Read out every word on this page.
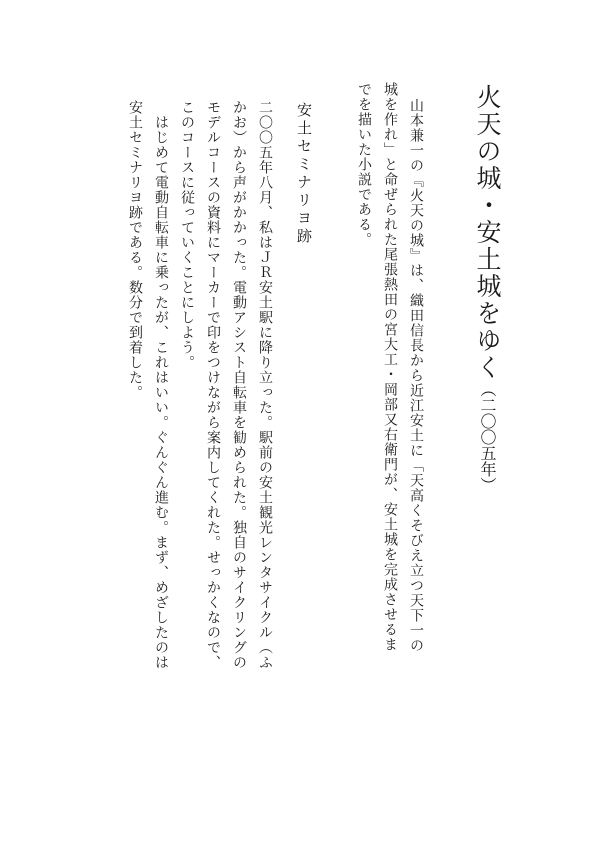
火天の城・安土城をゆく（二〇〇五年）
山本兼一の『火天の城』は、織田信長から近江安土に「天高くそびえ立つ天下一の
城を作れ」と命ぜられた尾張熱田の宮大工・岡部又右衛門が、安土城を完成させるま
でを描いた小説である。
安土セミナリヨ跡
二〇〇五年八月、私はＪＲ安土駅に降り立った。駅前の安土観光レンタサイクル（ふ
かお）から声がかかった。電動アシスト自転車を勧められた。独自のサイクリングの
モデルコースの資料にマーカーで印をつけながら案内してくれた。せっかくなので、
このコースに従っていくことにしよう。
　はじめて電動自転車に乗ったが、これはいい。ぐんぐん進む。まず、めざしたのは
安土セミナリヨ跡である。数分で到着した。
